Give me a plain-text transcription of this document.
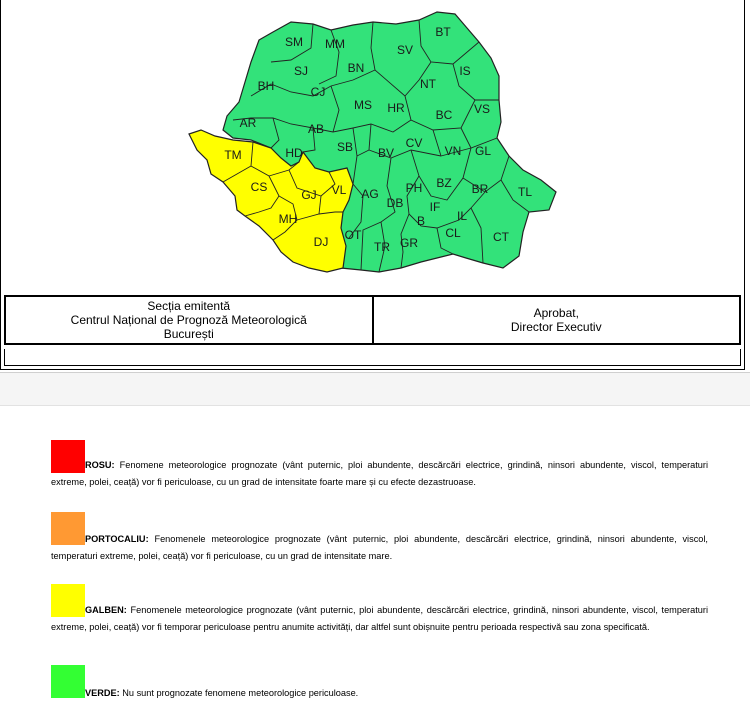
SM MM	SV
BT
SJ	BN	IS
BH	CJ
NT
MS HR	VS
BC
AR	AB
TM	HD	SB BV
CV
VN GL
CS
GJ VL AG PH BZ BR TL
DB
MH
IF
B	IL
DJ OT	CL	CT
TR GR
Secția emitentă
Centrul Național de Prognoză Meteorologică
București
Aprobat,
Director Executiv
ROSU: Fenomene meteorologice prognozate (vânt puternic, ploi abundente, descărcări electrice, grindină, ninsori abundente, viscol, temperaturi extreme, polei, ceață) vor fi periculoase, cu un grad de intensitate foarte mare și cu efecte dezastruoase.
PORTOCALIU: Fenomenele meteorologice prognozate (vânt puternic, ploi abundente, descărcări electrice, grindină, ninsori abundente, viscol, temperaturi extreme, polei, ceață) vor fi periculoase, cu un grad de intensitate mare.
GALBEN: Fenomenele meteorologice prognozate (vânt puternic, ploi abundente, descărcări electrice, grindină, ninsori abundente, viscol, temperaturi extreme, polei, ceață) vor fi temporar periculoase pentru anumite activități, dar altfel sunt obișnuite pentru perioada respectivă sau zona specificată.
VERDE: Nu sunt prognozate fenomene meteorologice periculoase.
